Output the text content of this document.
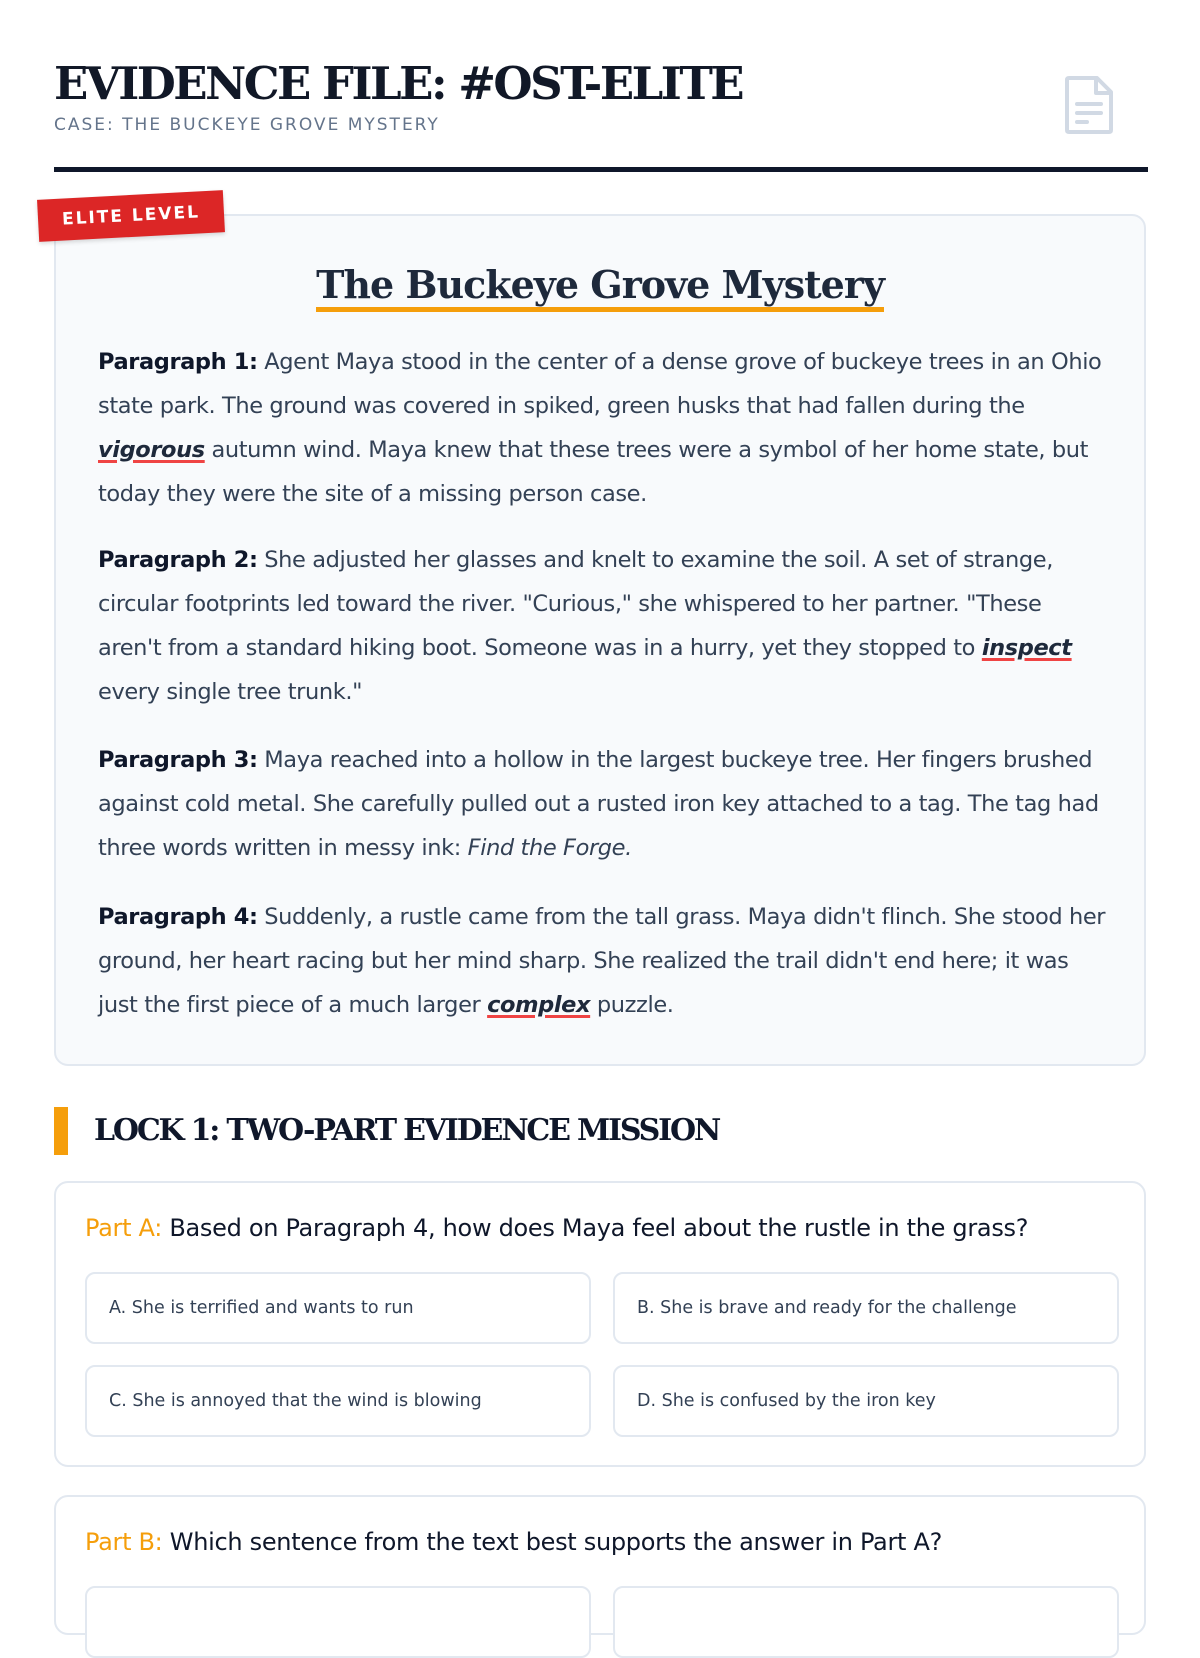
EVIDENCE FILE: #OST-ELITE
CASE: THE BUCKEYE GROVE MYSTERY
ELITE LEVEL
The Buckeye Grove Mystery
Paragraph 1: Agent Maya stood in the center of a dense grove of buckeye trees in an Ohio state park. The ground was covered in spiked, green husks that had fallen during the vigorous autumn wind. Maya knew that these trees were a symbol of her home state, but today they were the site of a missing person case.
Paragraph 2: She adjusted her glasses and knelt to examine the soil. A set of strange, circular footprints led toward the river. "Curious," she whispered to her partner. "These aren't from a standard hiking boot. Someone was in a hurry, yet they stopped to inspect every single tree trunk."
Paragraph 3: Maya reached into a hollow in the largest buckeye tree. Her fingers brushed against cold metal. She carefully pulled out a rusted iron key attached to a tag. The tag had three words written in messy ink: Find the Forge.
Paragraph 4: Suddenly, a rustle came from the tall grass. Maya didn't flinch. She stood her ground, her heart racing but her mind sharp. She realized the trail didn't end here; it was just the first piece of a much larger complex puzzle.
LOCK 1: TWO-PART EVIDENCE MISSION
Part A: Based on Paragraph 4, how does Maya feel about the rustle in the grass?
A. She is terrified and wants to run	B. She is brave and ready for the challenge
C. She is annoyed that the wind is blowing	D. She is confused by the iron key
Part B: Which sentence from the text best supports the answer in Part A?
